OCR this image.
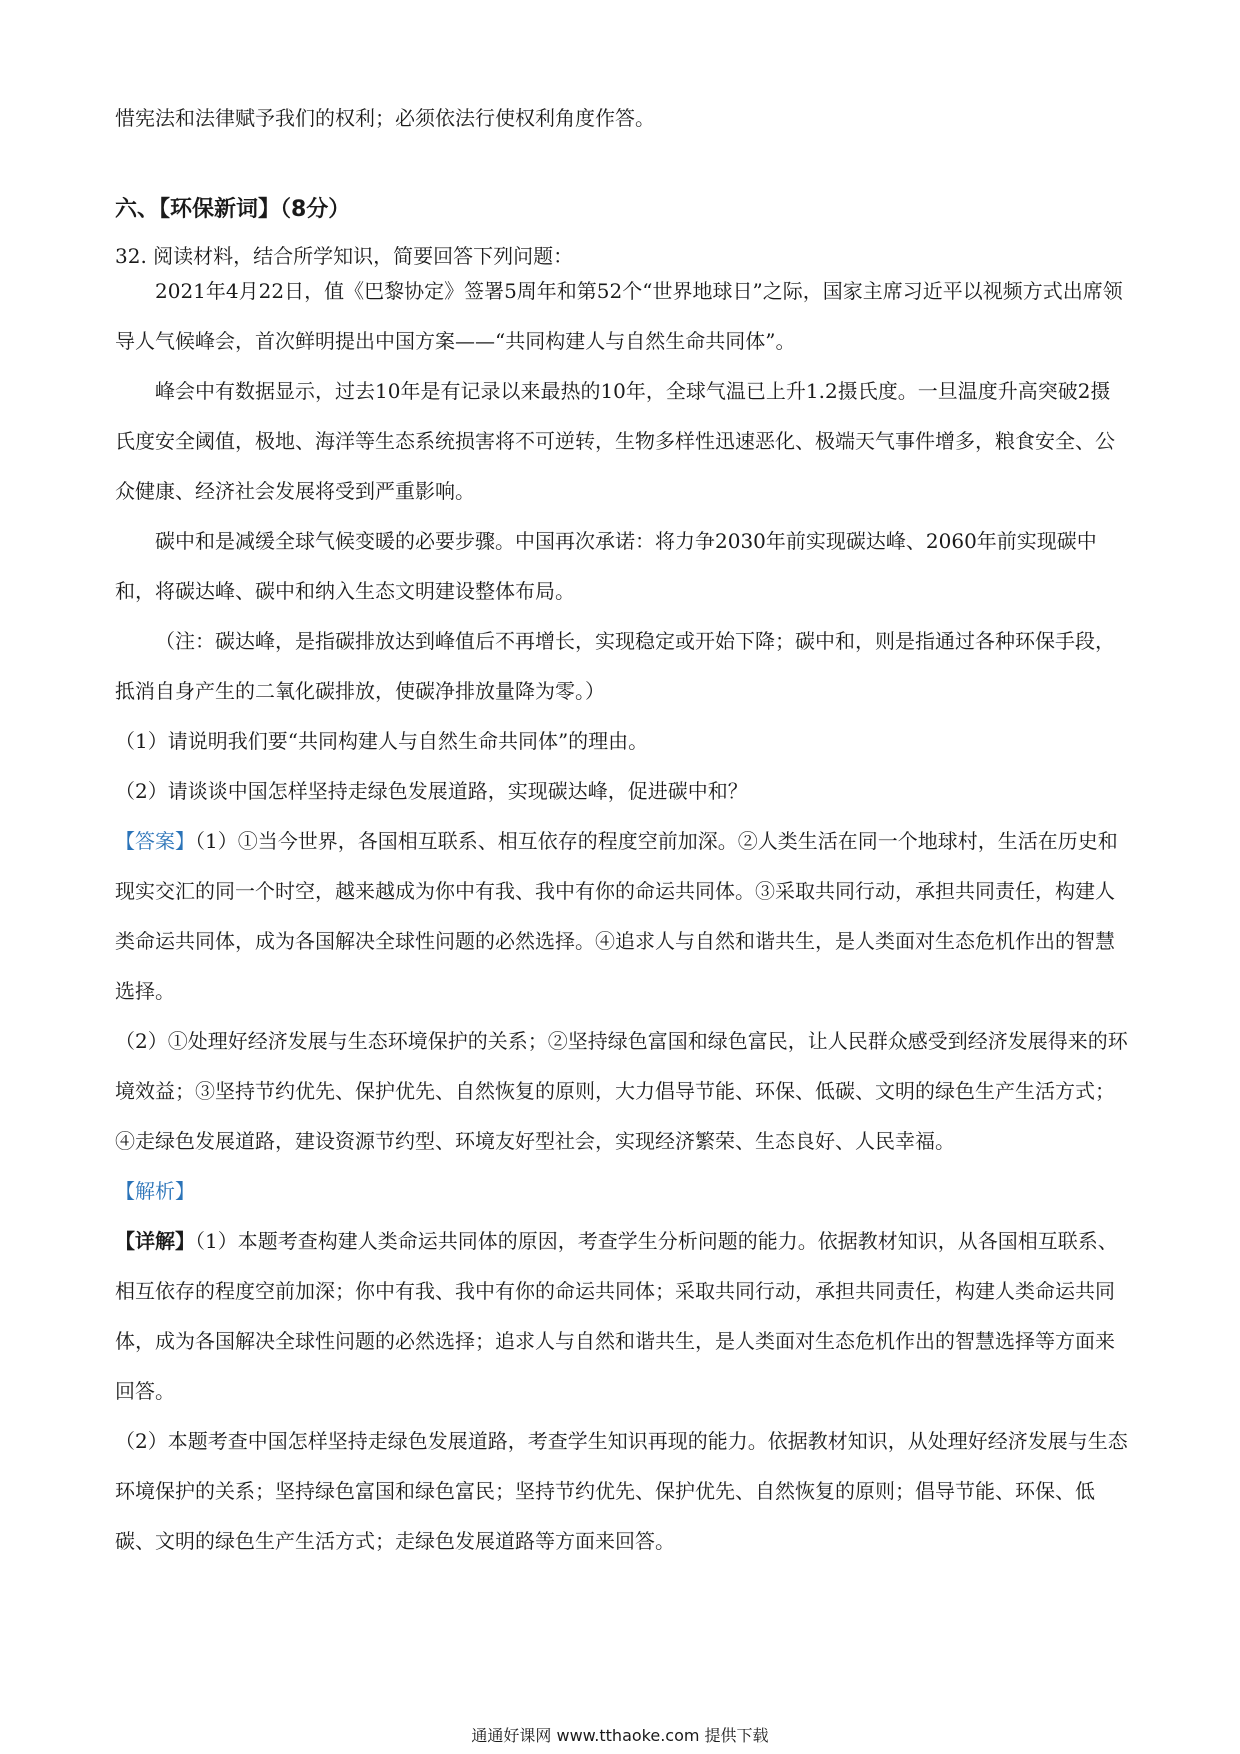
惜宪法和法律赋予我们的权利；必须依法行使权利角度作答。
六、【环保新词】（8分）
32. 阅读材料，结合所学知识，简要回答下列问题：

2021年4月22日，值《巴黎协定》签署5周年和第52个“世界地球日”之际，国家主席习近平以视频方式出席领导人气候峰会，首次鲜明提出中国方案——“共同构建人与自然生命共同体”。

峰会中有数据显示，过去10年是有记录以来最热的10年，全球气温已上升1.2摄氏度。一旦温度升高突破2摄氏度安全阈值，极地、海洋等生态系统损害将不可逆转，生物多样性迅速恶化、极端天气事件增多，粮食安全、公众健康、经济社会发展将受到严重影响。

碳中和是减缓全球气候变暖的必要步骤。中国再次承诺：将力争2030年前实现碳达峰、2060年前实现碳中和，将碳达峰、碳中和纳入生态文明建设整体布局。

（注：碳达峰，是指碳排放达到峰值后不再增长，实现稳定或开始下降；碳中和，则是指通过各种环保手段，抵消自身产生的二氧化碳排放，使碳净排放量降为零。）

（1）请说明我们要“共同构建人与自然生命共同体”的理由。

（2）请谈谈中国怎样坚持走绿色发展道路，实现碳达峰，促进碳中和？

【答案】（1）①当今世界，各国相互联系、相互依存的程度空前加深。②人类生活在同一个地球村，生活在历史和现实交汇的同一个时空，越来越成为你中有我、我中有你的命运共同体。③采取共同行动，承担共同责任，构建人类命运共同体，成为各国解决全球性问题的必然选择。④追求人与自然和谐共生，是人类面对生态危机作出的智慧选择。

（2）①处理好经济发展与生态环境保护的关系；②坚持绿色富国和绿色富民，让人民群众感受到经济发展得来的环境效益；③坚持节约优先、保护优先、自然恢复的原则，大力倡导节能、环保、低碳、文明的绿色生产生活方式；④走绿色发展道路，建设资源节约型、环境友好型社会，实现经济繁荣、生态良好、人民幸福。

【解析】

【详解】（1）本题考查构建人类命运共同体的原因，考查学生分析问题的能力。依据教材知识，从各国相互联系、相互依存的程度空前加深；你中有我、我中有你的命运共同体；采取共同行动，承担共同责任，构建人类命运共同体，成为各国解决全球性问题的必然选择；追求人与自然和谐共生，是人类面对生态危机作出的智慧选择等方面来回答。

（2）本题考查中国怎样坚持走绿色发展道路，考查学生知识再现的能力。依据教材知识，从处理好经济发展与生态环境保护的关系；坚持绿色富国和绿色富民；坚持节约优先、保护优先、自然恢复的原则；倡导节能、环保、低碳、文明的绿色生产生活方式；走绿色发展道路等方面来回答。

通通好课网 www.tthaoke.com 提供下载
